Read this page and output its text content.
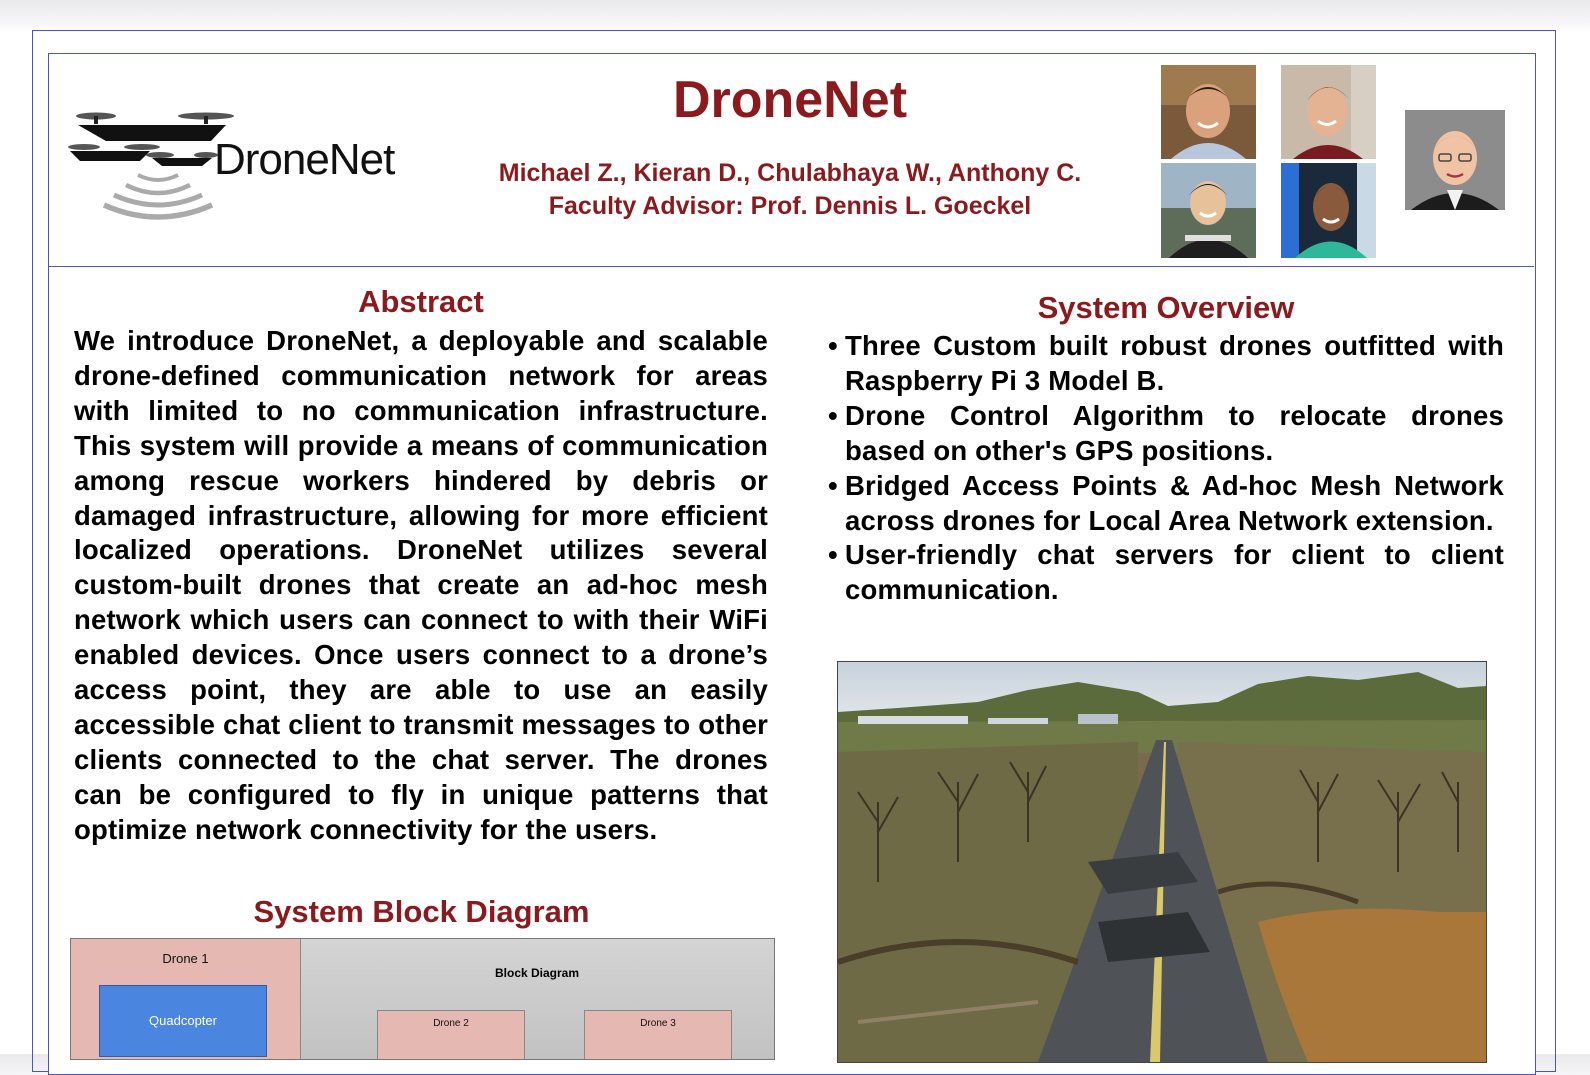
DroneNet
DroneNet
Michael Z., Kieran D., Chulabhaya W., Anthony C.
Faculty Advisor: Prof. Dennis L. Goeckel
Abstract
We introduce DroneNet, a deployable and scalable drone-defined communication network for areas with limited to no communication infrastructure. This system will provide a means of communication among rescue workers hindered by debris or damaged infrastructure, allowing for more efficient localized operations. DroneNet utilizes several custom-built drones that create an ad-hoc mesh network which users can connect to with their WiFi enabled devices. Once users connect to a drone’s access point, they are able to use an easily accessible chat client to transmit messages to other clients connected to the chat server. The drones can be configured to fly in unique patterns that optimize network connectivity for the users.
System Overview
• Three Custom built robust drones outfitted with Raspberry Pi 3 Model B.
• Drone Control Algorithm to relocate drones based on other's GPS positions.
• Bridged Access Points & Ad-hoc Mesh Network across drones for Local Area Network extension.
• User-friendly chat servers for client to client communication.
System Block Diagram
Drone 1
Quadcopter
Block Diagram
Drone 2	Drone 3
